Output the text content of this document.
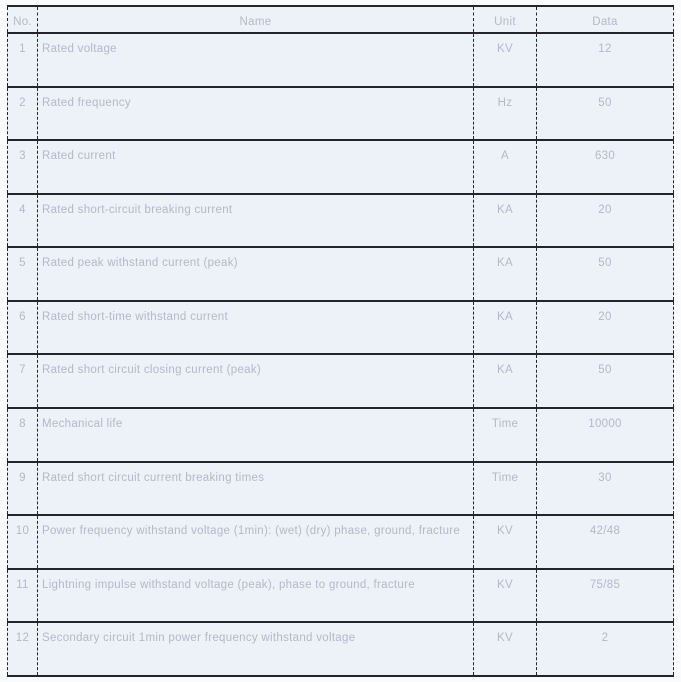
No.	Name	Unit	Data
1	Rated voltage	KV	12
2	Rated frequency	Hz	50
3	Rated current	A	630
4	Rated short-circuit breaking current	KA	20
5	Rated peak withstand current (peak)	KA	50
6	Rated short-time withstand current	KA	20
7	Rated short circuit closing current (peak)	KA	50
8	Mechanical life	Time	10000
9	Rated short circuit current breaking times	Time	30
10	Power frequency withstand voltage (1min): (wet) (dry) phase, ground, fracture	KV	42/48
11	Lightning impulse withstand voltage (peak), phase to ground, fracture	KV	75/85
12	Secondary circuit 1min power frequency withstand voltage	KV	2
